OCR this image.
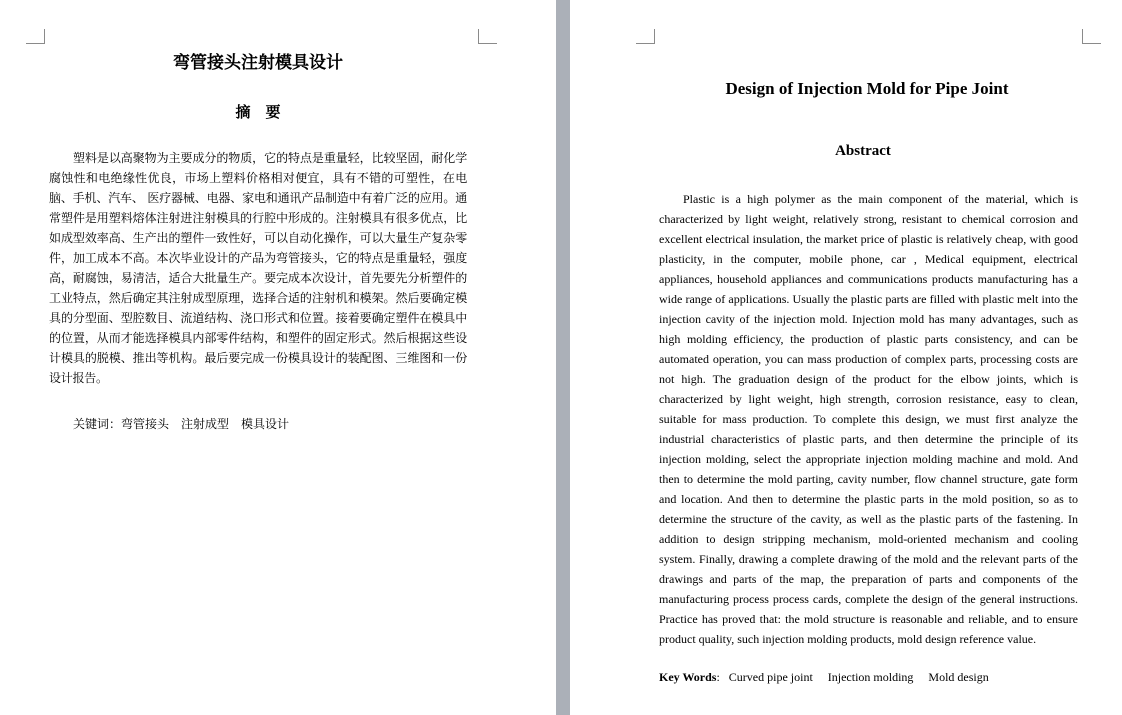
弯管接头注射模具设计
摘　要

塑料是以高聚物为主要成分的物质，它的特点是重量轻，比较坚固，耐化学腐蚀性和电绝缘性优良，市场上塑料价格相对便宜，具有不错的可塑性，在电脑、手机、汽车、 医疗器械、电器、家电和通讯产品制造中有着广泛的应用。通常塑件是用塑料熔体注射进注射模具的行腔中形成的。注射模具有很多优点，比如成型效率高、生产出的塑件一致性好，可以自动化操作，可以大量生产复杂零件，加工成本不高。本次毕业设计的产品为弯管接头，它的特点是重量轻，强度高，耐腐蚀，易清洁，适合大批量生产。要完成本次设计，首先要先分析塑件的工业特点，然后确定其注射成型原理，选择合适的注射机和模架。然后要确定模具的分型面、型腔数目、流道结构、浇口形式和位置。接着要确定塑件在模具中的位置，从而才能选择模具内部零件结构，和塑件的固定形式。然后根据这些设计模具的脱模、推出等机构。最后要完成一份模具设计的装配图、三维图和一份设计报告。

关键词：弯管接头　注射成型　模具设计
Design of Injection Mold for Pipe Joint
Abstract

Plastic is a high polymer as the main component of the material, which is characterized by light weight, relatively strong, resistant to chemical corrosion and excellent electrical insulation, the market price of plastic is relatively cheap, with good plasticity, in the computer, mobile phone, car , Medical equipment, electrical appliances, household appliances and communications products manufacturing has a wide range of applications. Usually the plastic parts are filled with plastic melt into the injection cavity of the injection mold. Injection mold has many advantages, such as high molding efficiency, the production of plastic parts consistency, and can be automated operation, you can mass production of complex parts, processing costs are not high. The graduation design of the product for the elbow joints, which is characterized by light weight, high strength, corrosion resistance, easy to clean, suitable for mass production. To complete this design, we must first analyze the industrial characteristics of plastic parts, and then determine the principle of its injection molding, select the appropriate injection molding machine and mold. And then to determine the mold parting, cavity number, flow channel structure, gate form and location. And then to determine the plastic parts in the mold position, so as to determine the structure of the cavity, as well as the plastic parts of the fastening. In addition to design stripping mechanism, mold-oriented mechanism and cooling system. Finally, drawing a complete drawing of the mold and the relevant parts of the drawings and parts of the map, the preparation of parts and components of the manufacturing process process cards, complete the design of the general instructions. Practice has proved that: the mold structure is reasonable and reliable, and to ensure product quality, such injection molding products, mold design reference value.

Key Words:   Curved pipe joint     Injection molding     Mold design
